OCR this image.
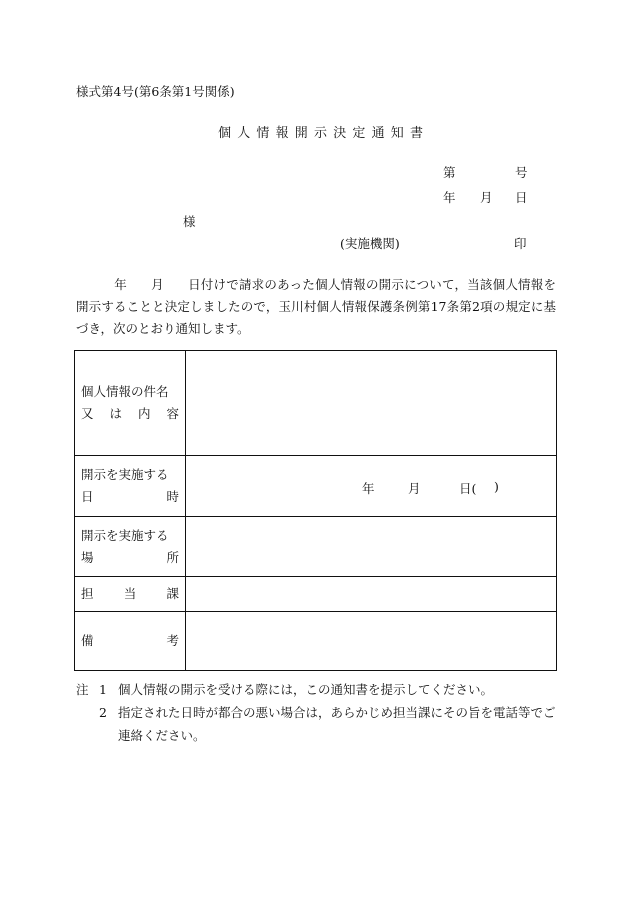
様式第4号(第6条第1号関係)
個人情報開示決定通知書
第	号
年 月 日
様
(実施機関)	印

年 月 日付けで請求のあった個人情報の開示について，当該個人情報を開示することと決定しましたので，玉川村個人情報保護条例第17条第2項の規定に基づき，次のとおり通知します。

個人情報の件名
又 は 内 容	

開示を実施する
日 時	年 月 日( )

開示を実施する
場 所	

担 当 課	

備 考	

注 1 個人情報の開示を受ける際には，この通知書を提示してください。
2 指定された日時が都合の悪い場合は，あらかじめ担当課にその旨を電話等でご連絡ください。
